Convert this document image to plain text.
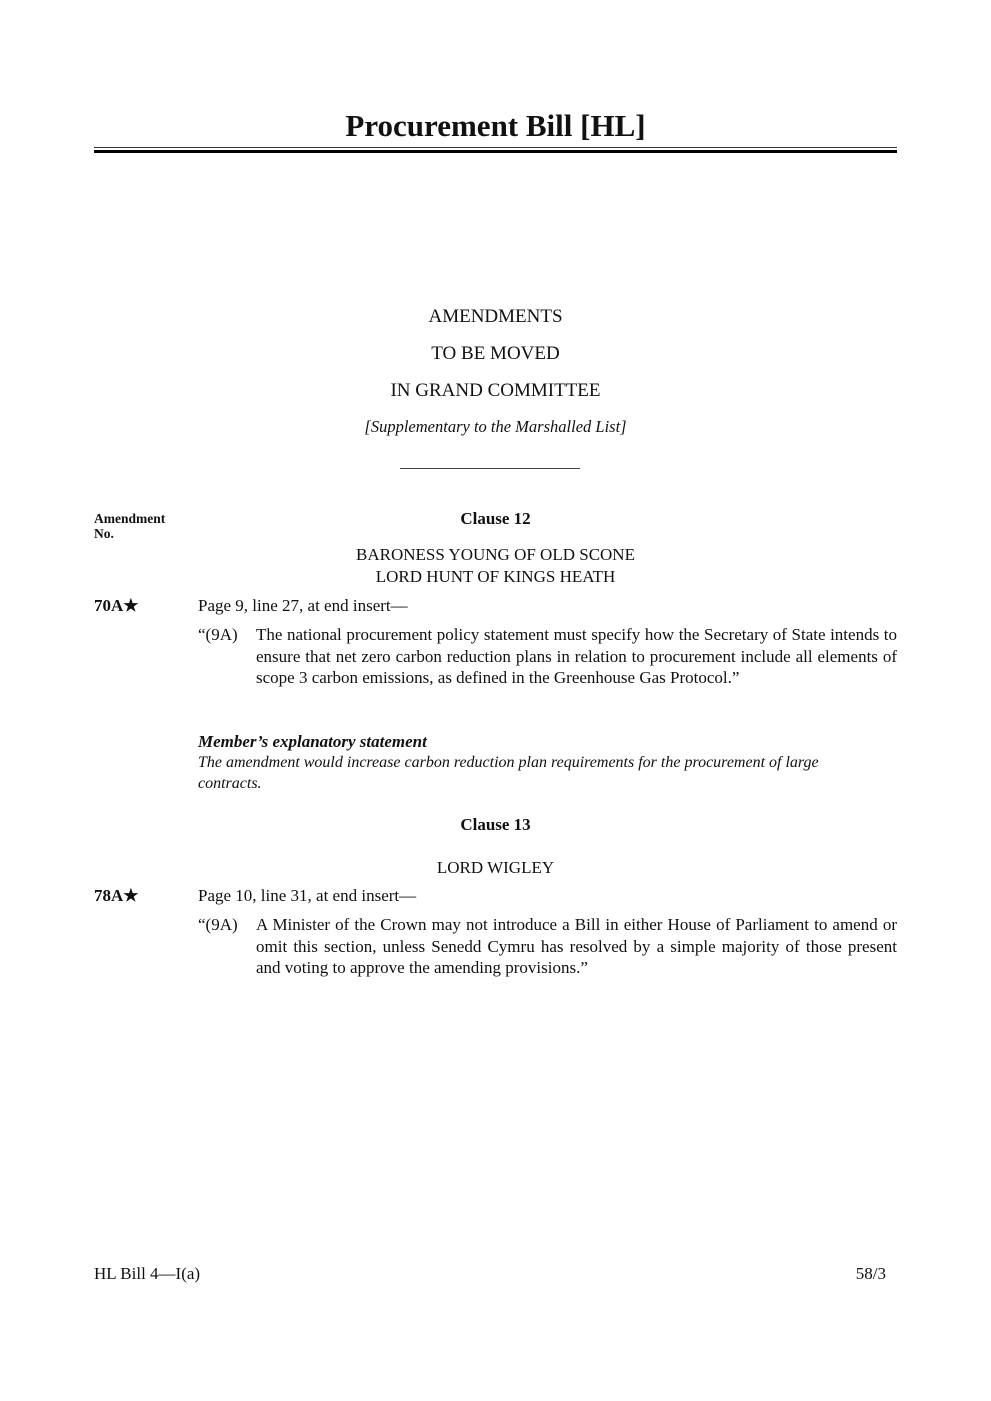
Procurement Bill [HL]
AMENDMENTS
TO BE MOVED
IN GRAND COMMITTEE
[Supplementary to the Marshalled List]
Amendment No.
Clause 12
BARONESS YOUNG OF OLD SCONE
LORD HUNT OF KINGS HEATH
70A★	Page 9, line 27, at end insert—
“(9A) The national procurement policy statement must specify how the Secretary of State intends to ensure that net zero carbon reduction plans in relation to procurement include all elements of scope 3 carbon emissions, as defined in the Greenhouse Gas Protocol.”
Member’s explanatory statement
The amendment would increase carbon reduction plan requirements for the procurement of large contracts.
Clause 13
LORD WIGLEY
78A★	Page 10, line 31, at end insert—
“(9A) A Minister of the Crown may not introduce a Bill in either House of Parliament to amend or omit this section, unless Senedd Cymru has resolved by a simple majority of those present and voting to approve the amending provisions.”
HL Bill 4—I(a)	58/3
